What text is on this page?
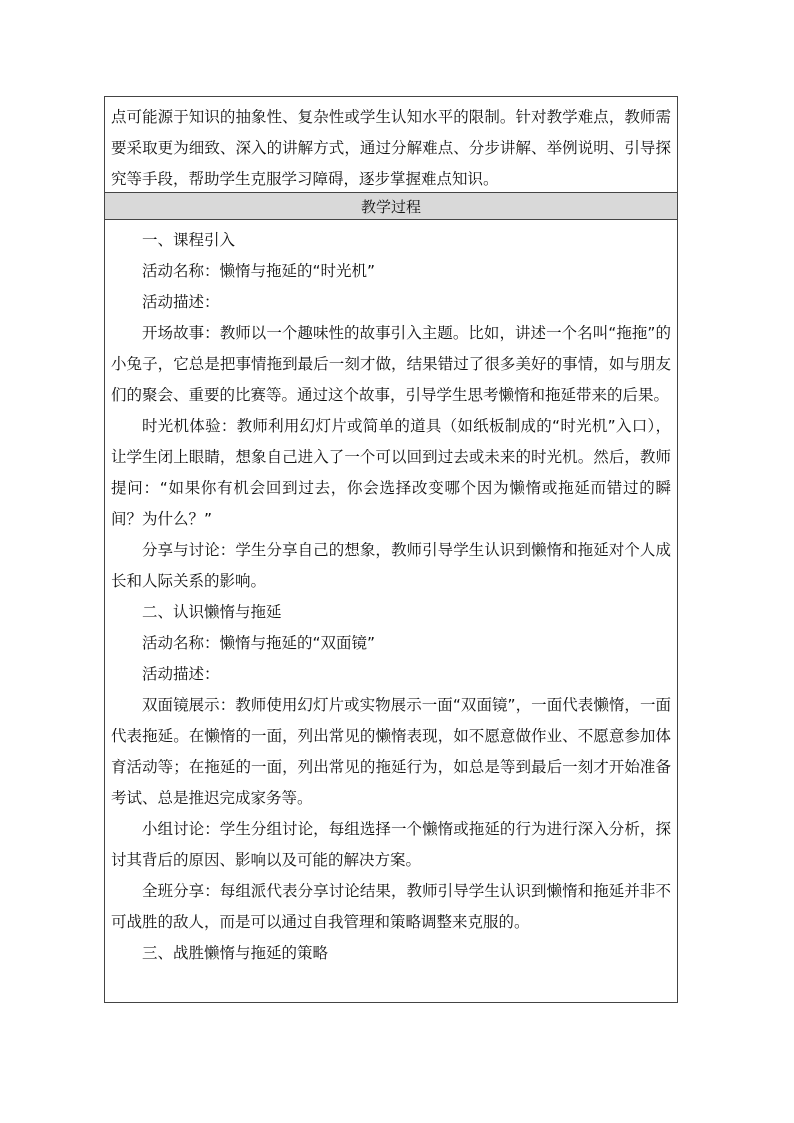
点可能源于知识的抽象性、复杂性或学生认知水平的限制。针对教学难点，教师需要采取更为细致、深入的讲解方式，通过分解难点、分步讲解、举例说明、引导探究等手段，帮助学生克服学习障碍，逐步掌握难点知识。

教学过程

一、课程引入

活动名称：懒惰与拖延的“时光机”

活动描述：

开场故事：教师以一个趣味性的故事引入主题。比如，讲述一个名叫“拖拖”的小兔子，它总是把事情拖到最后一刻才做，结果错过了很多美好的事情，如与朋友们的聚会、重要的比赛等。通过这个故事，引导学生思考懒惰和拖延带来的后果。

时光机体验：教师利用幻灯片或简单的道具（如纸板制成的“时光机”入口），让学生闭上眼睛，想象自己进入了一个可以回到过去或未来的时光机。然后，教师提问：“如果你有机会回到过去，你会选择改变哪个因为懒惰或拖延而错过的瞬间？为什么？”

分享与讨论：学生分享自己的想象，教师引导学生认识到懒惰和拖延对个人成长和人际关系的影响。

二、认识懒惰与拖延

活动名称：懒惰与拖延的“双面镜”

活动描述：

双面镜展示：教师使用幻灯片或实物展示一面“双面镜”，一面代表懒惰，一面代表拖延。在懒惰的一面，列出常见的懒惰表现，如不愿意做作业、不愿意参加体育活动等；在拖延的一面，列出常见的拖延行为，如总是等到最后一刻才开始准备考试、总是推迟完成家务等。

小组讨论：学生分组讨论，每组选择一个懒惰或拖延的行为进行深入分析，探讨其背后的原因、影响以及可能的解决方案。

全班分享：每组派代表分享讨论结果，教师引导学生认识到懒惰和拖延并非不可战胜的敌人，而是可以通过自我管理和策略调整来克服的。

三、战胜懒惰与拖延的策略
